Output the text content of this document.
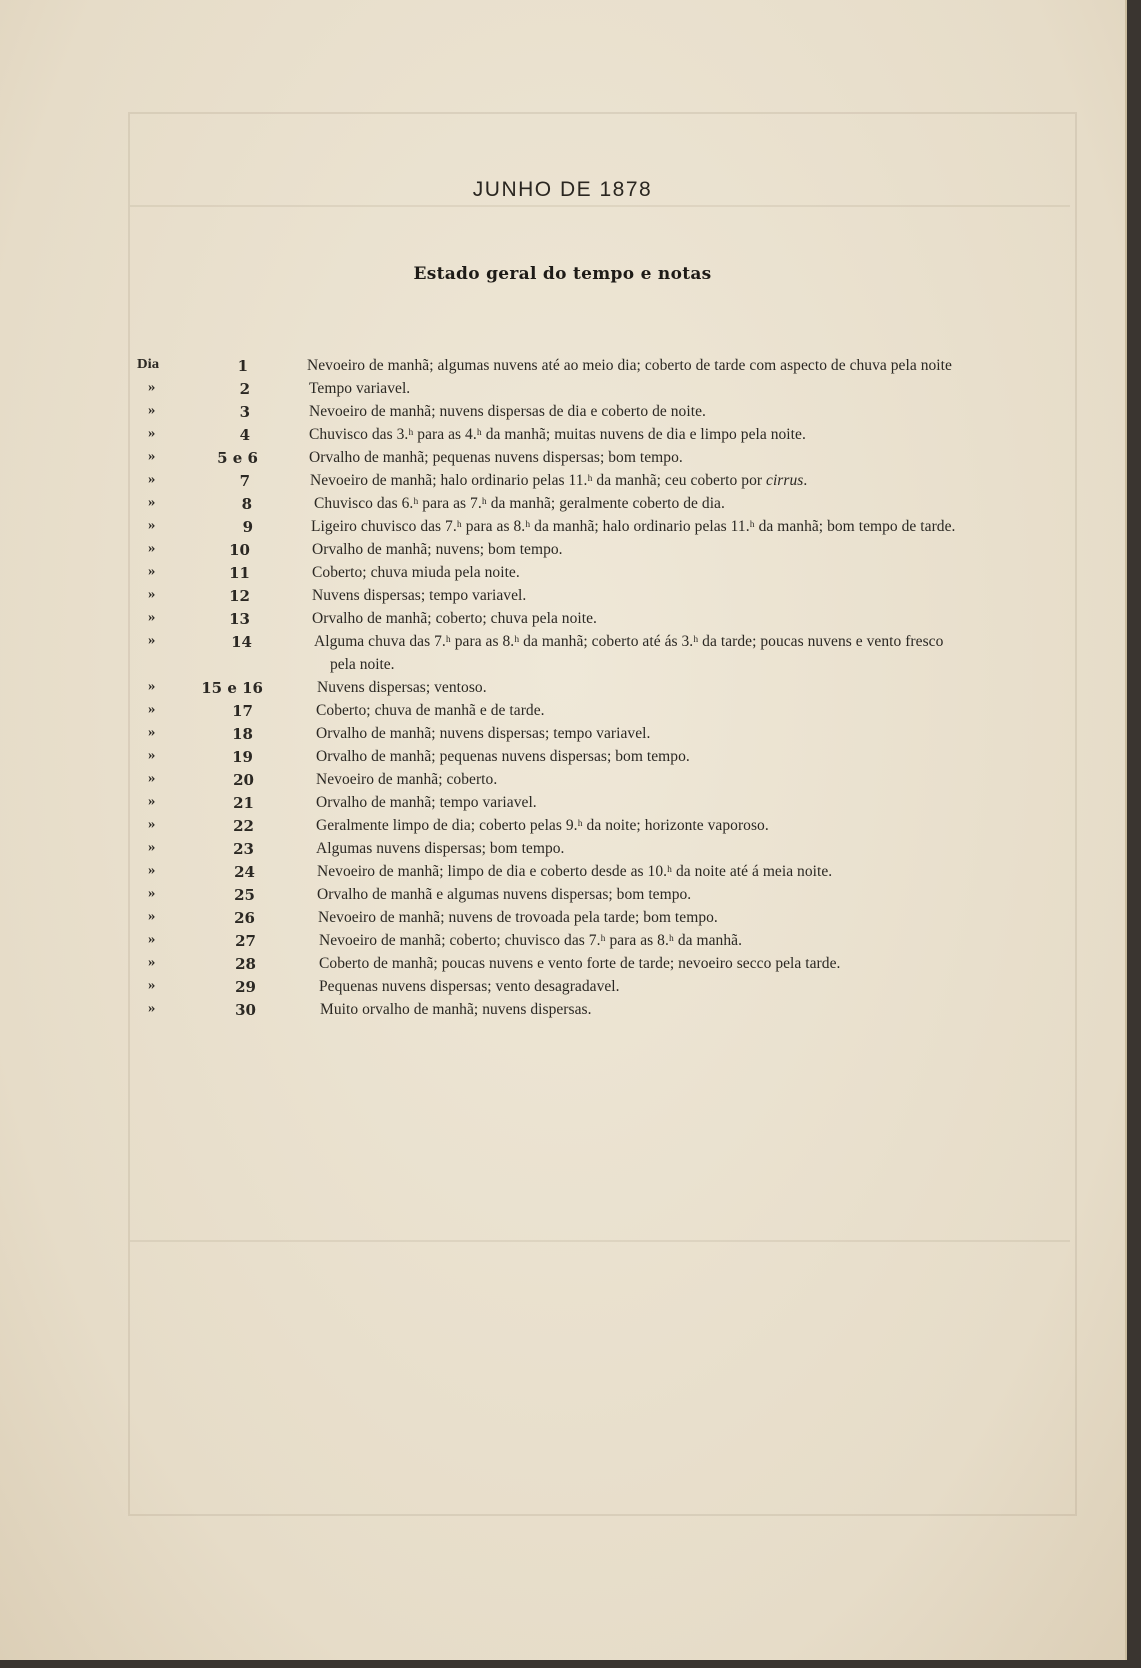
JUNHO DE 1878
Estado geral do tempo e notas
Dia	1	Nevoeiro de manhã; algumas nuvens até ao meio dia; coberto de tarde com aspecto de chuva pela noite
»	2	Tempo variavel.
»	3	Nevoeiro de manhã; nuvens dispersas de dia e coberto de noite.
»	4	Chuvisco das 3.ʰ para as 4.ʰ da manhã; muitas nuvens de dia e limpo pela noite.
»	5 e 6	Orvalho de manhã; pequenas nuvens dispersas; bom tempo.
»	7	Nevoeiro de manhã; halo ordinario pelas 11.ʰ da manhã; ceu coberto por cirrus.
»	8	Chuvisco das 6.ʰ para as 7.ʰ da manhã; geralmente coberto de dia.
»	9	Ligeiro chuvisco das 7.ʰ para as 8.ʰ da manhã; halo ordinario pelas 11.ʰ da manhã; bom tempo de tarde.
»	10	Orvalho de manhã; nuvens; bom tempo.
»	11	Coberto; chuva miuda pela noite.
»	12	Nuvens dispersas; tempo variavel.
»	13	Orvalho de manhã; coberto; chuva pela noite.
»	14	Alguma chuva das 7.ʰ para as 8.ʰ da manhã; coberto até ás 3.ʰ da tarde; poucas nuvens e vento fresco
pela noite.
»	15 e 16	Nuvens dispersas; ventoso.
»	17	Coberto; chuva de manhã e de tarde.
»	18	Orvalho de manhã; nuvens dispersas; tempo variavel.
»	19	Orvalho de manhã; pequenas nuvens dispersas; bom tempo.
»	20	Nevoeiro de manhã; coberto.
»	21	Orvalho de manhã; tempo variavel.
»	22	Geralmente limpo de dia; coberto pelas 9.ʰ da noite; horizonte vaporoso.
»	23	Algumas nuvens dispersas; bom tempo.
»	24	Nevoeiro de manhã; limpo de dia e coberto desde as 10.ʰ da noite até á meia noite.
»	25	Orvalho de manhã e algumas nuvens dispersas; bom tempo.
»	26	Nevoeiro de manhã; nuvens de trovoada pela tarde; bom tempo.
»	27	Nevoeiro de manhã; coberto; chuvisco das 7.ʰ para as 8.ʰ da manhã.
»	28	Coberto de manhã; poucas nuvens e vento forte de tarde; nevoeiro secco pela tarde.
»	29	Pequenas nuvens dispersas; vento desagradavel.
»	30	Muito orvalho de manhã; nuvens dispersas.
